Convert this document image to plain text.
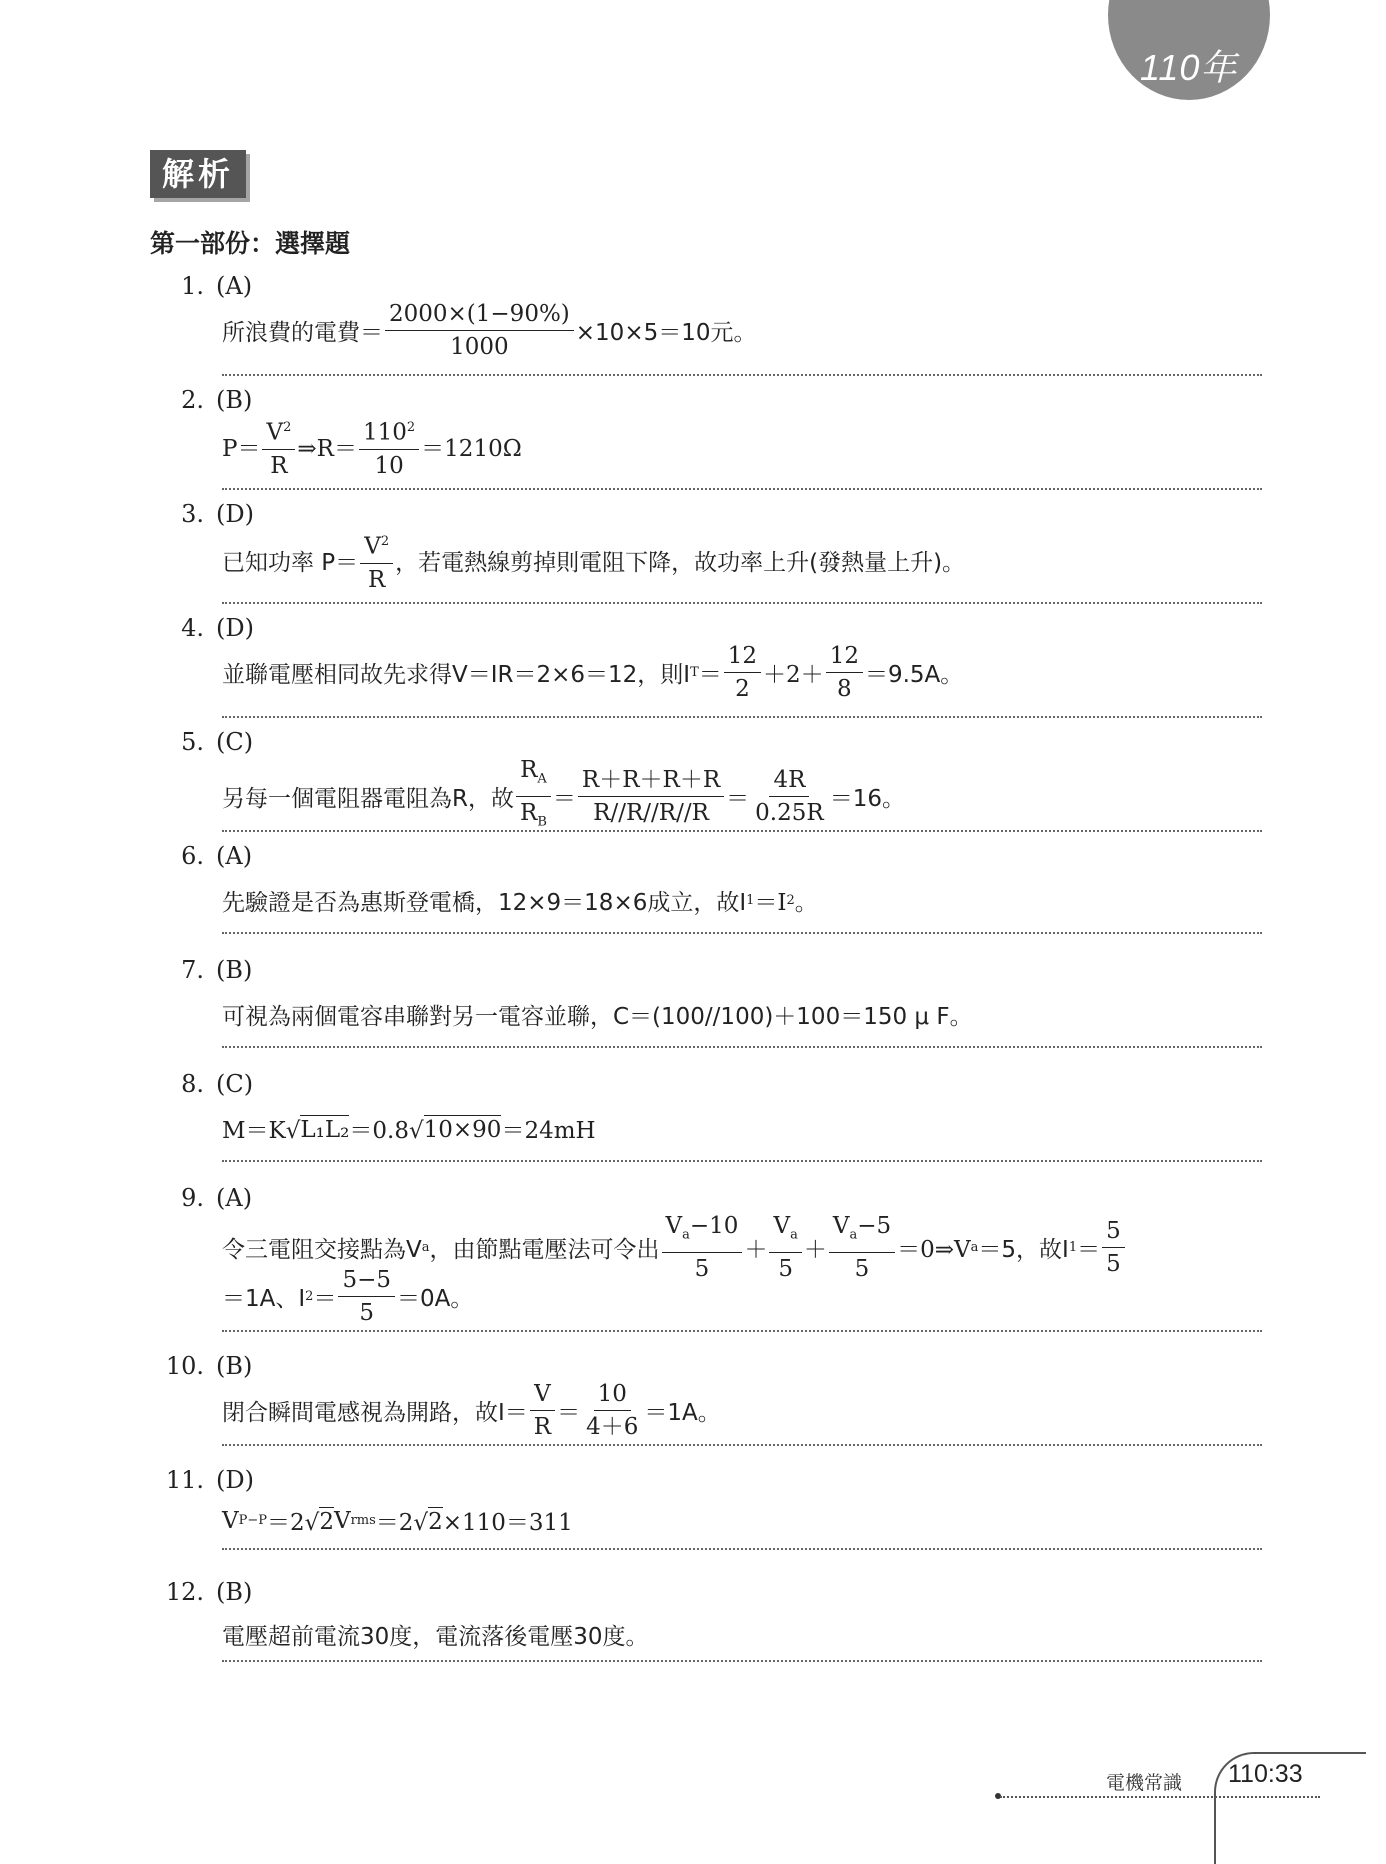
110年
解析
第一部份：選擇題
1. (A)
所浪費的電費＝ $\frac{2000\times(1-90\%)}{1000} \times 10\times 5=10$元。
2. (B)
$P= \frac{V^2}{R}$ ⇒R＝ $\frac{110^2}{10} =1210\Omega$
3. (D)
已知功率 $P= \frac{V^2}{R}$ ，若電熱線剪掉則電阻下降，故功率上升(發熱量上升)。
4. (D)
並聯電壓相同故先求得V＝IR＝2×6＝12，則I $T = \frac{12}{2} +2+ \frac{12}{8} =9.5A$。
5. (C)
另每一個電阻器電阻為R，故 $\frac{R_A}{R_B} = \frac{R+R+R+R}{R//R//R//R} = \frac{4R}{0.25R} =16$。
6. (A)
先驗證是否為惠斯登電橋，12×9＝18×6成立，故I 1 ＝I 2 。
7. (B)
可視為兩個電容串聯對另一電容並聯，C＝(100//100)＋100＝150 μ F。
8. (C)
M＝K√ L₁L₂ ＝0.8√ 10×90 ＝24mH
9. (A)
令三電阻交接點為V a ，由節點電壓法可令出 $\frac{V_a-10}{5} + \frac{V_a}{5} + \frac{V_a-5}{5}$ ＝0⇒V a ＝5，故I $1 = \frac{5}{5}$
＝1A、I $2 = \frac{5-5}{5} =0A$。
10. (B)
閉合瞬間電感視為開路，故$I= \frac{V}{R} = \frac{10}{4+6} =1A$。
11. (D)
V P−P ＝2√ 2 V rms ＝2√ 2 ×110＝311
12. (B)
電壓超前電流30度，電流落後電壓30度。
電機常識 110:33
